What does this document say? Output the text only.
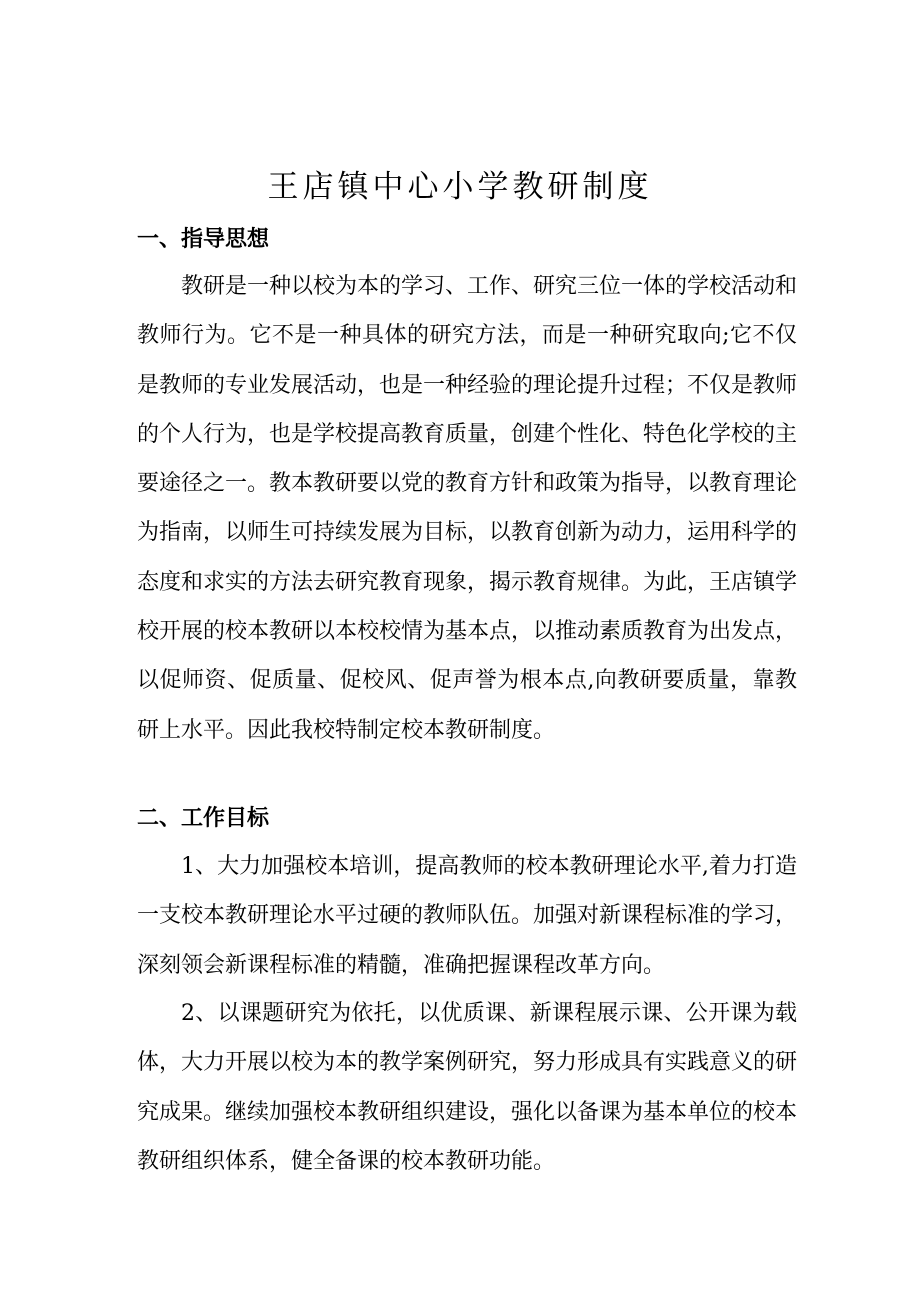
王店镇中心小学教研制度
一、指导思想

教研是一种以校为本的学习、工作、研究三位一体的学校活动和教师行为。它不是一种具体的研究方法，而是一种研究取向;它不仅是教师的专业发展活动，也是一种经验的理论提升过程；不仅是教师的个人行为，也是学校提高教育质量，创建个性化、特色化学校的主要途径之一。教本教研要以党的教育方针和政策为指导，以教育理论为指南，以师生可持续发展为目标，以教育创新为动力，运用科学的态度和求实的方法去研究教育现象，揭示教育规律。为此，王店镇学校开展的校本教研以本校校情为基本点，以推动素质教育为出发点，以促师资、促质量、促校风、促声誉为根本点,向教研要质量，靠教研上水平。因此我校特制定校本教研制度。

二、工作目标

1、大力加强校本培训，提高教师的校本教研理论水平,着力打造一支校本教研理论水平过硬的教师队伍。加强对新课程标准的学习，深刻领会新课程标准的精髓，准确把握课程改革方向。

2、以课题研究为依托，以优质课、新课程展示课、公开课为载体，大力开展以校为本的教学案例研究，努力形成具有实践意义的研究成果。继续加强校本教研组织建设，强化以备课为基本单位的校本教研组织体系，健全备课的校本教研功能。
